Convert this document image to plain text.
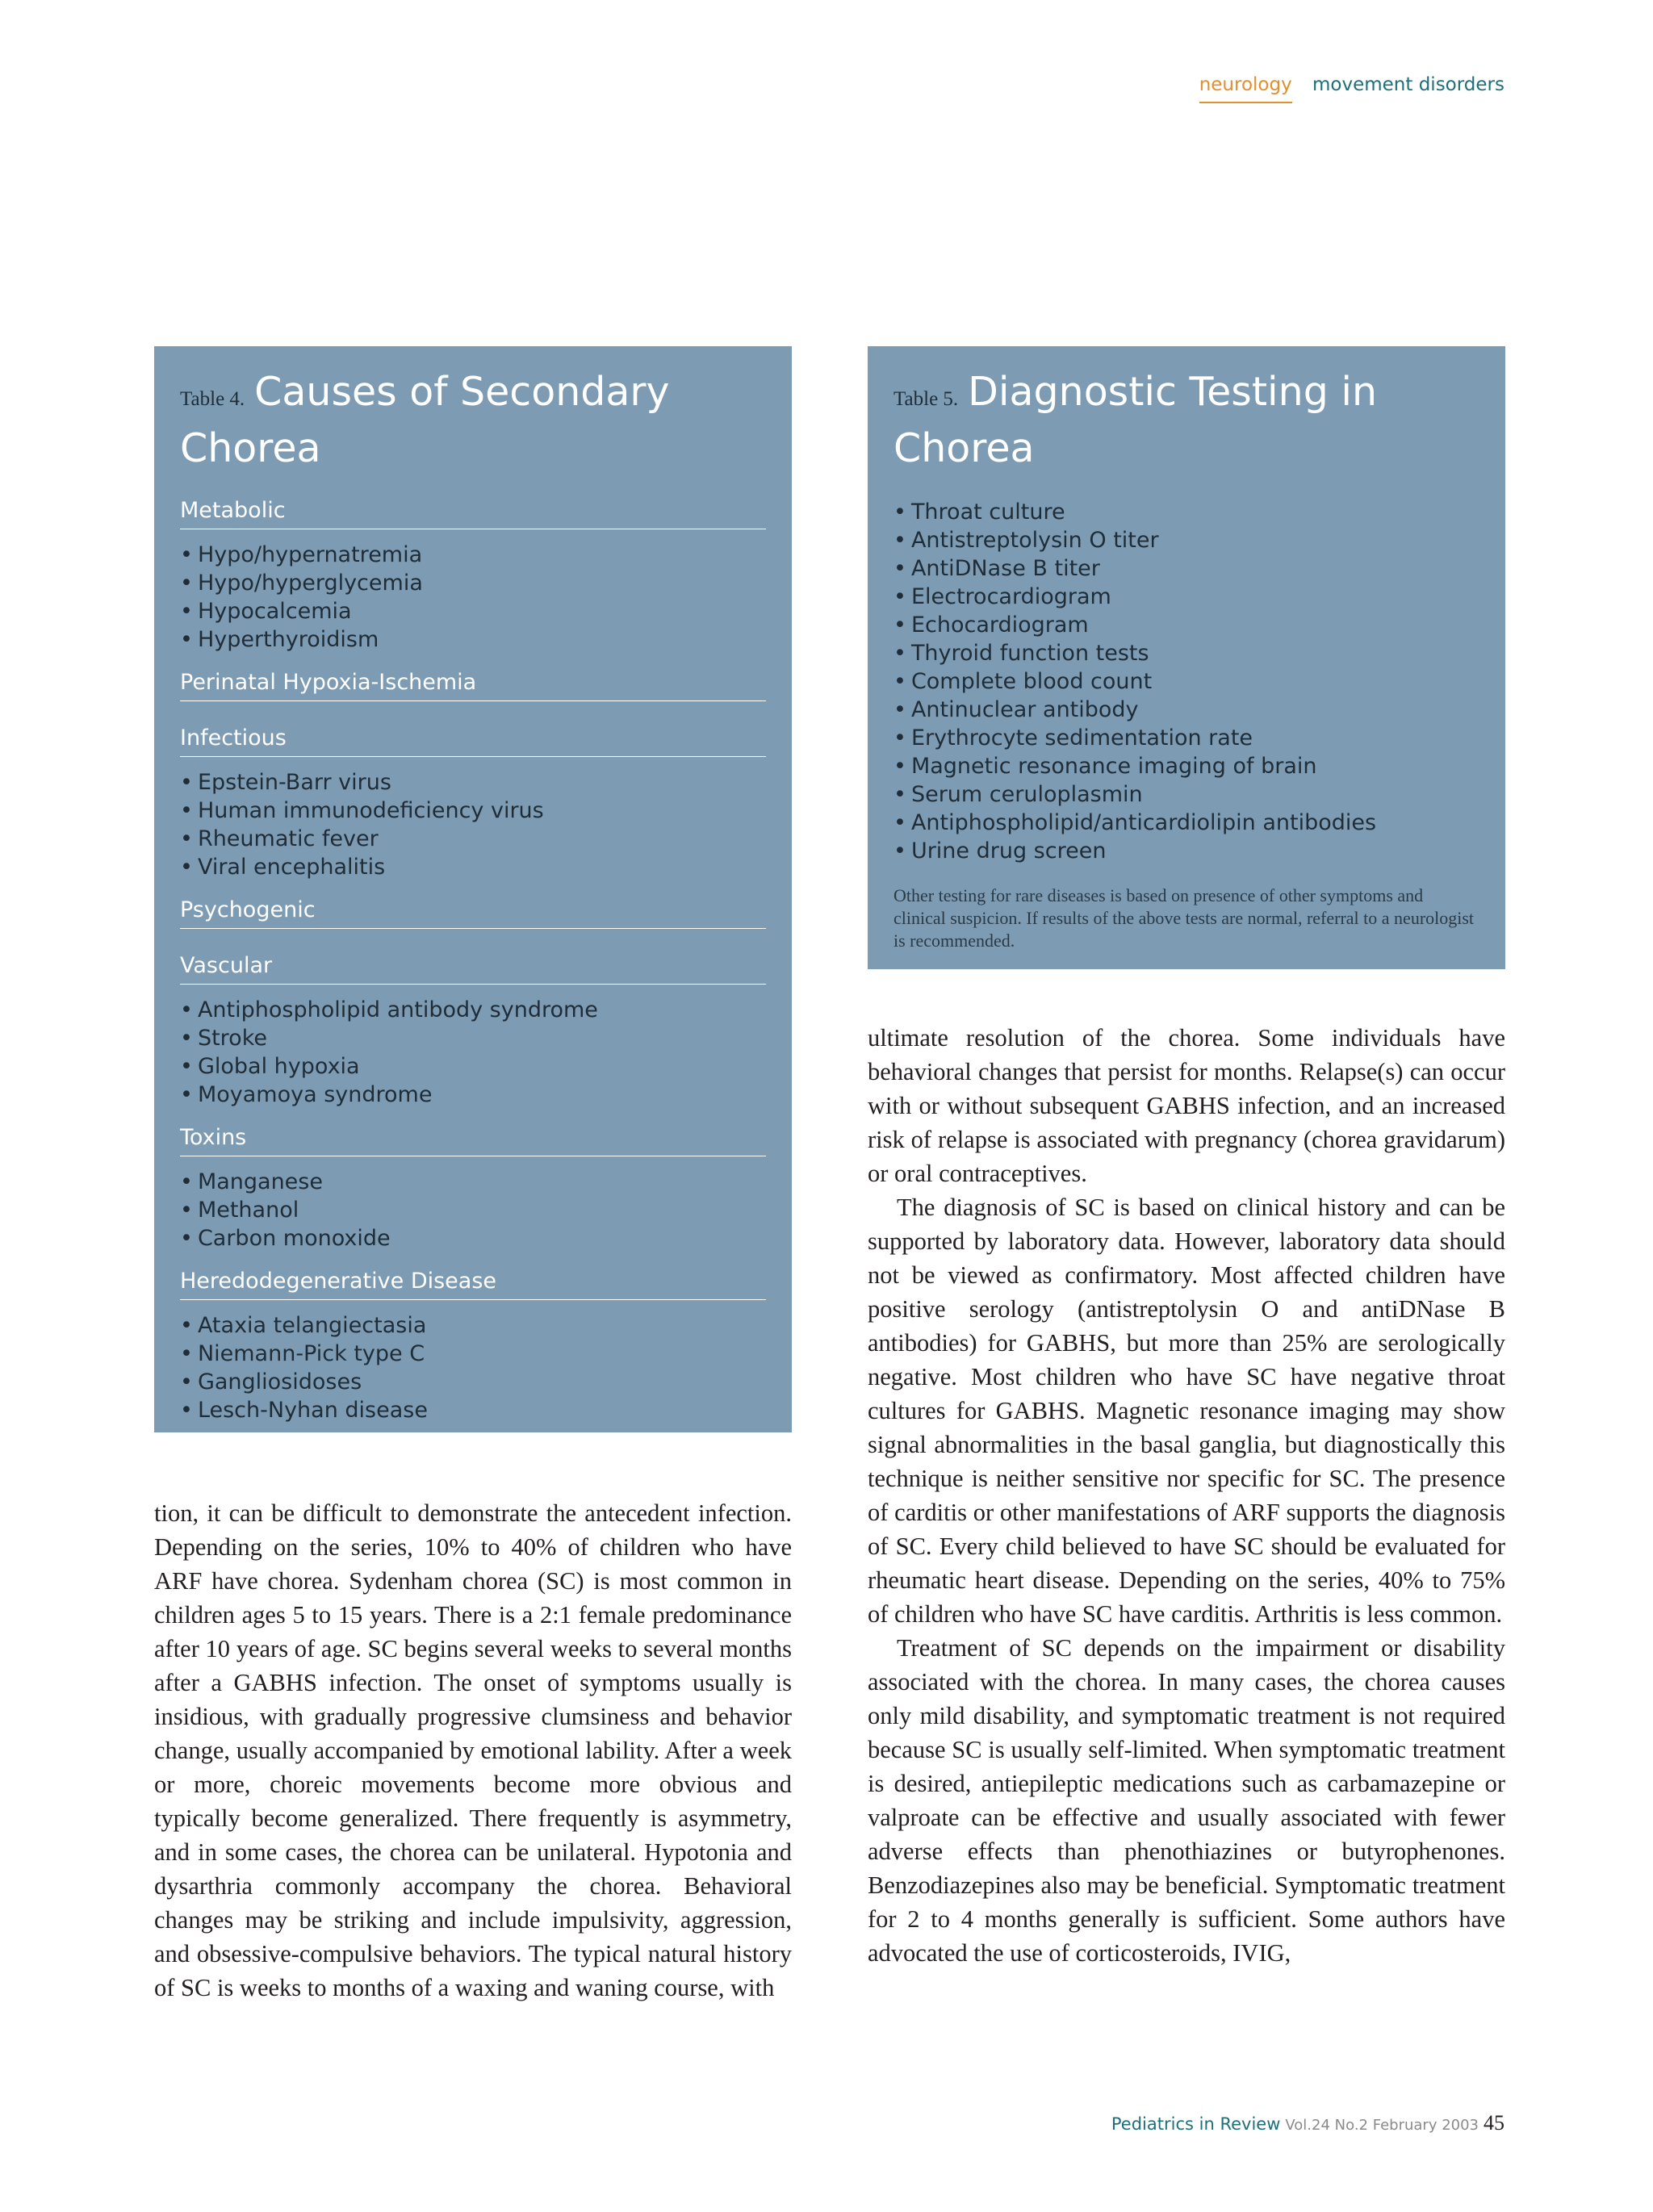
neurology movement disorders
Table 4. Causes of Secondary Chorea
Metabolic
• Hypo/hypernatremia
• Hypo/hyperglycemia
• Hypocalcemia
• Hyperthyroidism
Perinatal Hypoxia-Ischemia
Infectious
• Epstein-Barr virus
• Human immunodeficiency virus
• Rheumatic fever
• Viral encephalitis
Psychogenic
Vascular
• Antiphospholipid antibody syndrome
• Stroke
• Global hypoxia
• Moyamoya syndrome
Toxins
• Manganese
• Methanol
• Carbon monoxide
Heredodegenerative Disease
• Ataxia telangiectasia
• Niemann-Pick type C
• Gangliosidoses
• Lesch-Nyhan disease
Table 5. Diagnostic Testing in Chorea
• Throat culture
• Antistreptolysin O titer
• AntiDNase B titer
• Electrocardiogram
• Echocardiogram
• Thyroid function tests
• Complete blood count
• Antinuclear antibody
• Erythrocyte sedimentation rate
• Magnetic resonance imaging of brain
• Serum ceruloplasmin
• Antiphospholipid/anticardiolipin antibodies
• Urine drug screen
Other testing for rare diseases is based on presence of other symptoms and clinical suspicion. If results of the above tests are normal, referral to a neurologist is recommended.

tion, it can be difficult to demonstrate the antecedent infection. Depending on the series, 10% to 40% of children who have ARF have chorea. Sydenham chorea (SC) is most common in children ages 5 to 15 years. There is a 2:1 female predominance after 10 years of age. SC begins several weeks to several months after a GABHS infection. The onset of symptoms usually is insidious, with gradually progressive clumsiness and behavior change, usually accompanied by emotional lability. After a week or more, choreic movements become more obvious and typically become generalized. There frequently is asymmetry, and in some cases, the chorea can be unilateral. Hypotonia and dysarthria commonly accompany the chorea. Behavioral changes may be striking and include impulsivity, aggression, and obsessive-compulsive behaviors. The typical natural history of SC is weeks to months of a waxing and waning course, with

ultimate resolution of the chorea. Some individuals have behavioral changes that persist for months. Relapse(s) can occur with or without subsequent GABHS infection, and an increased risk of relapse is associated with pregnancy (chorea gravidarum) or oral contraceptives.

The diagnosis of SC is based on clinical history and can be supported by laboratory data. However, laboratory data should not be viewed as confirmatory. Most affected children have positive serology (antistreptolysin O and antiDNase B antibodies) for GABHS, but more than 25% are serologically negative. Most children who have SC have negative throat cultures for GABHS. Magnetic resonance imaging may show signal abnormalities in the basal ganglia, but diagnostically this technique is neither sensitive nor specific for SC. The presence of carditis or other manifestations of ARF supports the diagnosis of SC. Every child believed to have SC should be evaluated for rheumatic heart disease. Depending on the series, 40% to 75% of children who have SC have carditis. Arthritis is less common.

Treatment of SC depends on the impairment or disability associated with the chorea. In many cases, the chorea causes only mild disability, and symptomatic treatment is not required because SC is usually self-limited. When symptomatic treatment is desired, antiepileptic medications such as carbamazepine or valproate can be effective and usually associated with fewer adverse effects than phenothiazines or butyrophenones. Benzodiazepines also may be beneficial. Symptomatic treatment for 2 to 4 months generally is sufficient. Some authors have advocated the use of corticosteroids, IVIG,

Pediatrics in Review Vol.24 No.2 February 2003 45
